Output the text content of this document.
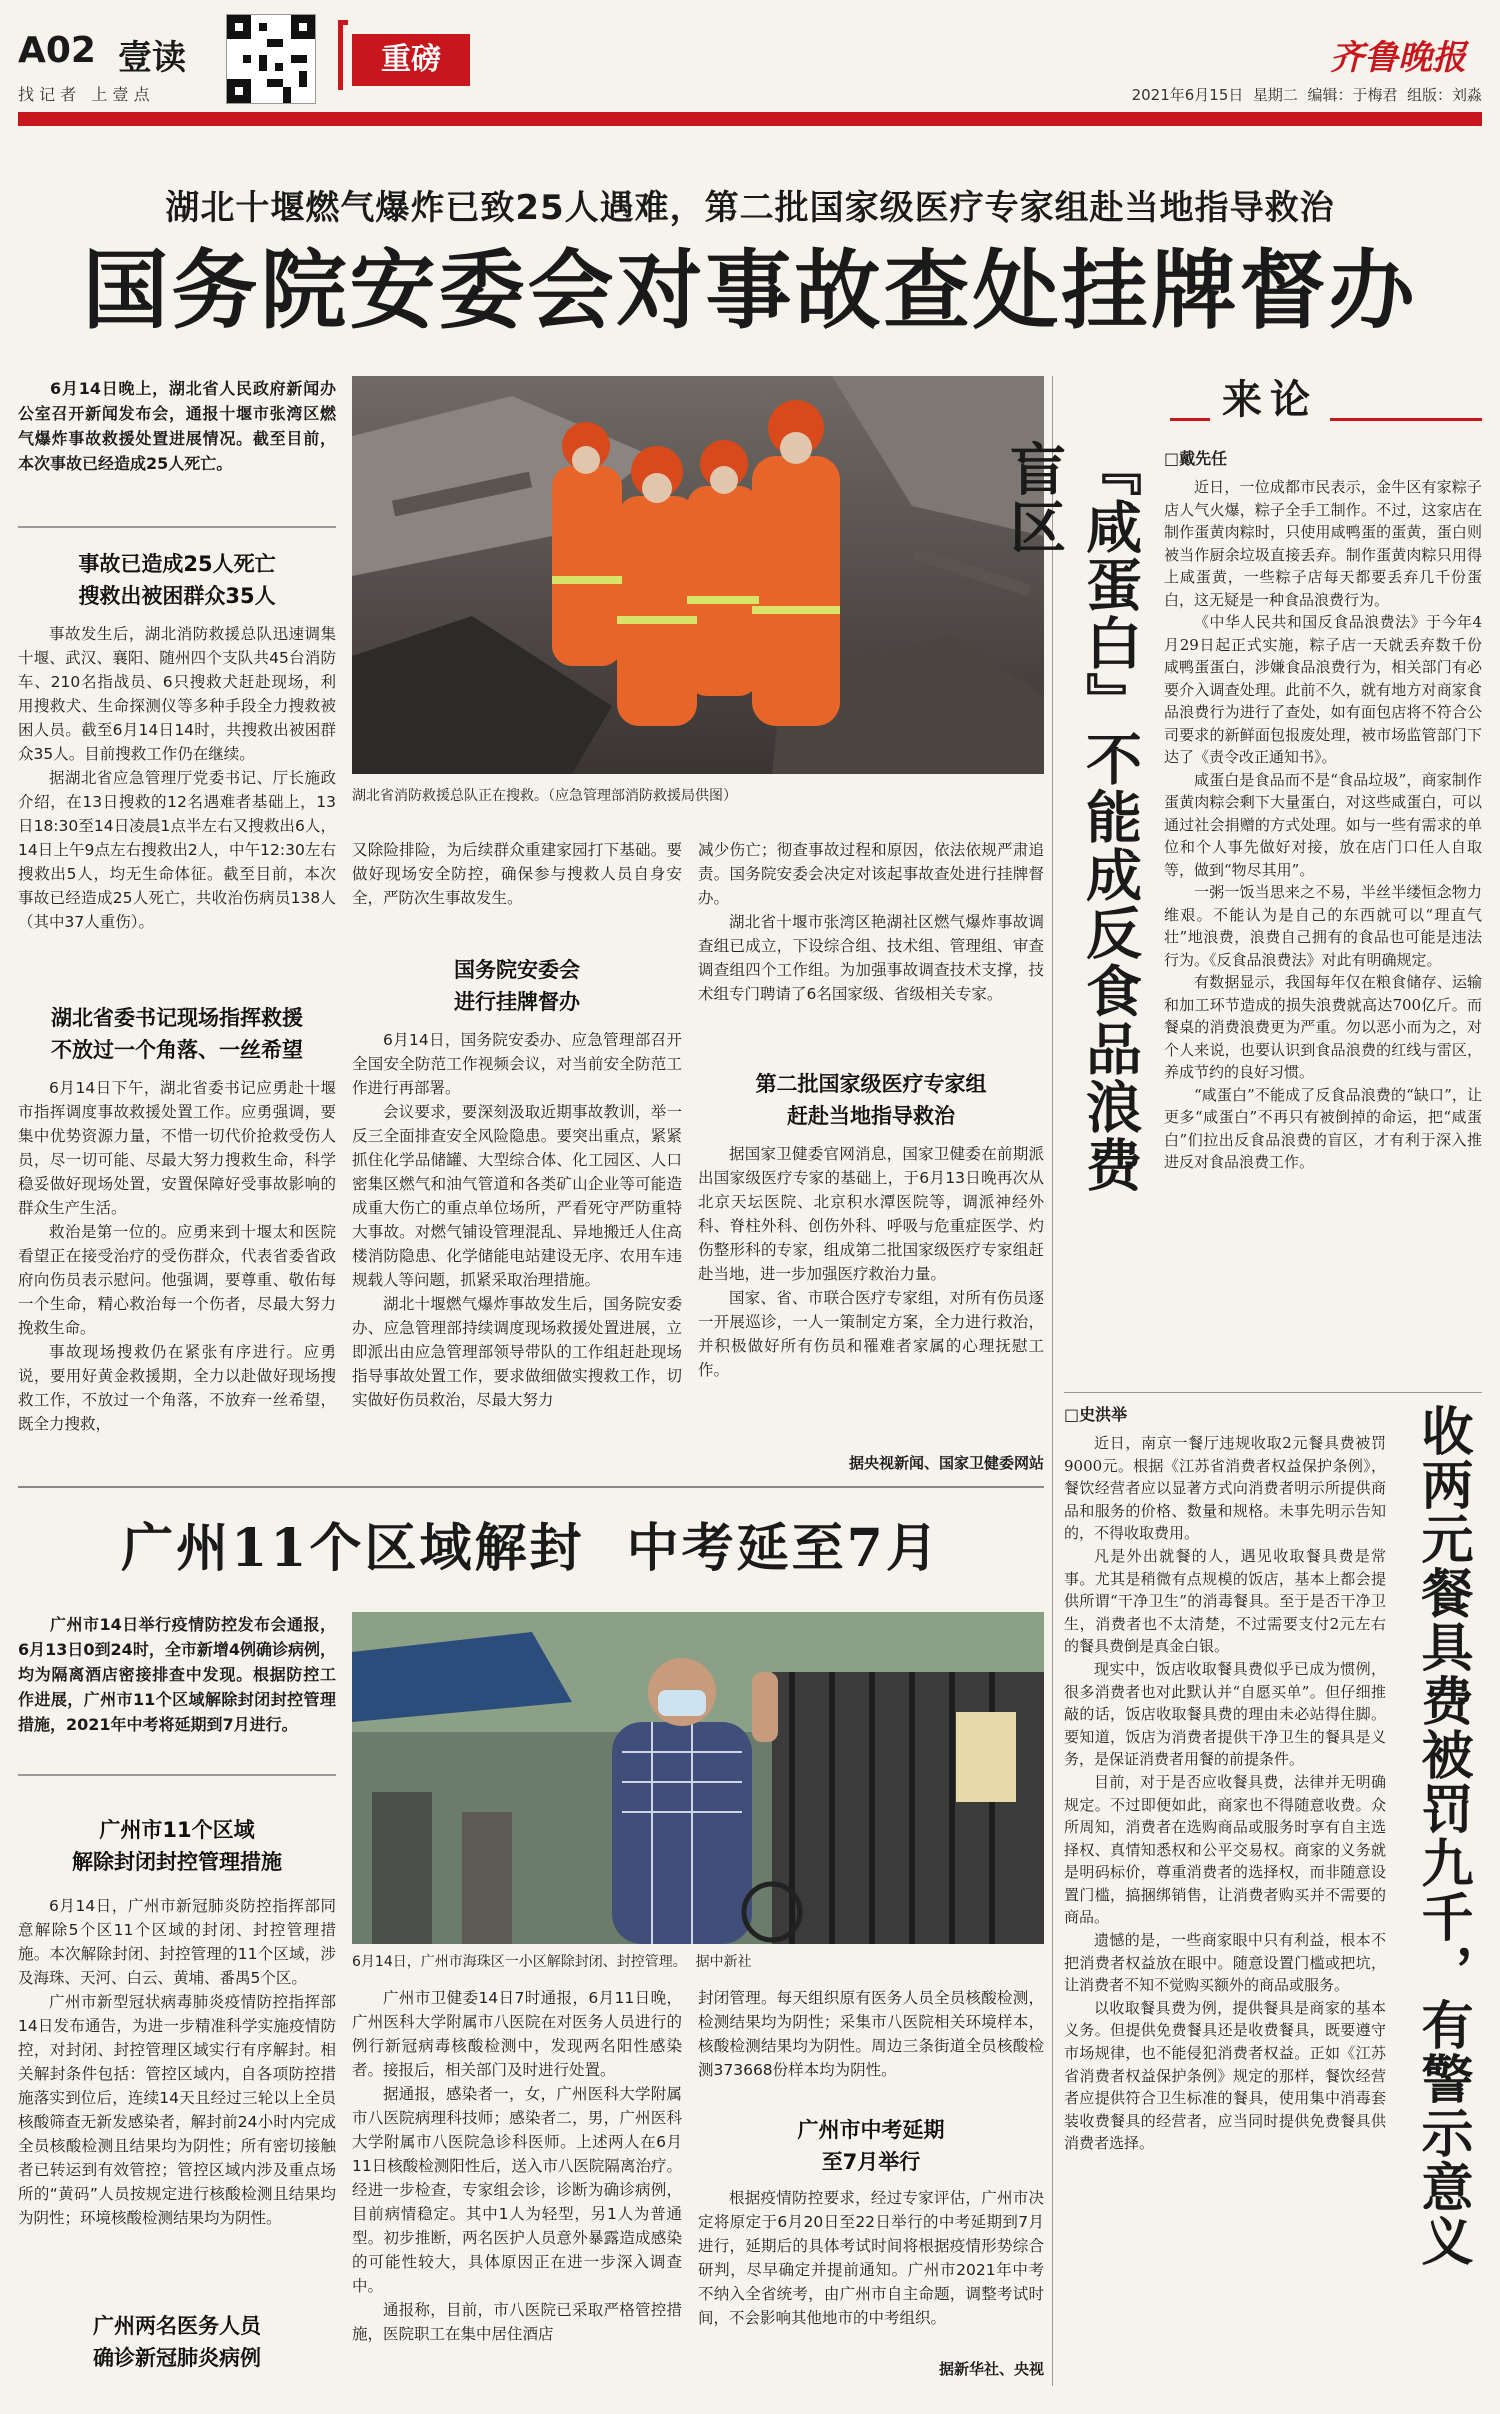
A02 壹读
找 记 者   上 壹 点
重磅	齐鲁晚报
2021年6月15日  星期二  编辑：于梅君  组版：刘淼
湖北十堰燃气爆炸已致25人遇难，第二批国家级医疗专家组赴当地指导救治
国务院安委会对事故查处挂牌督办

6月14日晚上，湖北省人民政府新闻办公室召开新闻发布会，通报十堰市张湾区燃气爆炸事故救援处置进展情况。截至目前，本次事故已经造成25人死亡。

湖北省消防救援总队正在搜救。（应急管理部消防救援局供图）
事故已造成25人死亡
搜救出被困群众35人

事故发生后，湖北消防救援总队迅速调集十堰、武汉、襄阳、随州四个支队共45台消防车、210名指战员、6只搜救犬赶赴现场，利用搜救犬、生命探测仪等多种手段全力搜救被困人员。截至6月14日14时，共搜救出被困群众35人。目前搜救工作仍在继续。

据湖北省应急管理厅党委书记、厅长施政介绍，在13日搜救的12名遇难者基础上，13日18:30至14日凌晨1点半左右又搜救出6人，14日上午9点左右搜救出2人，中午12:30左右搜救出5人，均无生命体征。截至目前，本次事故已经造成25人死亡，共收治伤病员138人（其中37人重伤）。

湖北省委书记现场指挥救援
不放过一个角落、一丝希望

6月14日下午，湖北省委书记应勇赴十堰市指挥调度事故救援处置工作。应勇强调，要集中优势资源力量，不惜一切代价抢救受伤人员，尽一切可能、尽最大努力搜救生命，科学稳妥做好现场处置，安置保障好受事故影响的群众生产生活。

救治是第一位的。应勇来到十堰太和医院看望正在接受治疗的受伤群众，代表省委省政府向伤员表示慰问。他强调，要尊重、敬佑每一个生命，精心救治每一个伤者，尽最大努力挽救生命。

事故现场搜救仍在紧张有序进行。应勇说，要用好黄金救援期，全力以赴做好现场搜救工作，不放过一个角落，不放弃一丝希望，既全力搜救，

又除险排险，为后续群众重建家园打下基础。要做好现场安全防控，确保参与搜救人员自身安全，严防次生事故发生。

国务院安委会
进行挂牌督办

6月14日，国务院安委办、应急管理部召开全国安全防范工作视频会议，对当前安全防范工作进行再部署。

会议要求，要深刻汲取近期事故教训，举一反三全面排查安全风险隐患。要突出重点，紧紧抓住化学品储罐、大型综合体、化工园区、人口密集区燃气和油气管道和各类矿山企业等可能造成重大伤亡的重点单位场所，严看死守严防重特大事故。对燃气铺设管理混乱、异地搬迁人住高楼消防隐患、化学储能电站建设无序、农用车违规载人等问题，抓紧采取治理措施。

湖北十堰燃气爆炸事故发生后，国务院安委办、应急管理部持续调度现场救援处置进展，立即派出由应急管理部领导带队的工作组赶赴现场指导事故处置工作，要求做细做实搜救工作，切实做好伤员救治，尽最大努力

减少伤亡；彻查事故过程和原因，依法依规严肃追责。国务院安委会决定对该起事故查处进行挂牌督办。

湖北省十堰市张湾区艳湖社区燃气爆炸事故调查组已成立，下设综合组、技术组、管理组、审查调查组四个工作组。为加强事故调查技术支撑，技术组专门聘请了6名国家级、省级相关专家。

第二批国家级医疗专家组
赶赴当地指导救治

据国家卫健委官网消息，国家卫健委在前期派出国家级医疗专家的基础上，于6月13日晚再次从北京天坛医院、北京积水潭医院等，调派神经外科、脊柱外科、创伤外科、呼吸与危重症医学、灼伤整形科的专家，组成第二批国家级医疗专家组赶赴当地，进一步加强医疗救治力量。

国家、省、市联合医疗专家组，对所有伤员逐一开展巡诊，一人一策制定方案，全力进行救治，并积极做好所有伤员和罹难者家属的心理抚慰工作。

据央视新闻、国家卫健委网站
来论
『咸蛋白』不能成反食品浪费盲区	□戴先任

近日，一位成都市民表示，金牛区有家粽子店人气火爆，粽子全手工制作。不过，这家店在制作蛋黄肉粽时，只使用咸鸭蛋的蛋黄，蛋白则被当作厨余垃圾直接丢弃。制作蛋黄肉粽只用得上咸蛋黄，一些粽子店每天都要丢弃几千份蛋白，这无疑是一种食品浪费行为。

《中华人民共和国反食品浪费法》于今年4月29日起正式实施，粽子店一天就丢弃数千份咸鸭蛋蛋白，涉嫌食品浪费行为，相关部门有必要介入调查处理。此前不久，就有地方对商家食品浪费行为进行了查处，如有面包店将不符合公司要求的新鲜面包报废处理，被市场监管部门下达了《责令改正通知书》。

咸蛋白是食品而不是“食品垃圾”，商家制作蛋黄肉粽会剩下大量蛋白，对这些咸蛋白，可以通过社会捐赠的方式处理。如与一些有需求的单位和个人事先做好对接，放在店门口任人自取等，做到“物尽其用”。

一粥一饭当思来之不易，半丝半缕恒念物力维艰。不能认为是自己的东西就可以“理直气壮”地浪费，浪费自己拥有的食品也可能是违法行为。《反食品浪费法》对此有明确规定。

有数据显示，我国每年仅在粮食储存、运输和加工环节造成的损失浪费就高达700亿斤。而餐桌的消费浪费更为严重。勿以恶小而为之，对个人来说，也要认识到食品浪费的红线与雷区，养成节约的良好习惯。

“咸蛋白”不能成了反食品浪费的“缺口”，让更多“咸蛋白”不再只有被倒掉的命运，把“咸蛋白”们拉出反食品浪费的盲区，才有利于深入推进反对食品浪费工作。

□史洪举

近日，南京一餐厅违规收取2元餐具费被罚9000元。根据《江苏省消费者权益保护条例》，餐饮经营者应以显著方式向消费者明示所提供商品和服务的价格、数量和规格。未事先明示告知的，不得收取费用。

凡是外出就餐的人，遇见收取餐具费是常事。尤其是稍微有点规模的饭店，基本上都会提供所谓“干净卫生”的消毒餐具。至于是否干净卫生，消费者也不太清楚，不过需要支付2元左右的餐具费倒是真金白银。

现实中，饭店收取餐具费似乎已成为惯例，很多消费者也对此默认并“自愿买单”。但仔细推敲的话，饭店收取餐具费的理由未必站得住脚。要知道，饭店为消费者提供干净卫生的餐具是义务，是保证消费者用餐的前提条件。

目前，对于是否应收餐具费，法律并无明确规定。不过即便如此，商家也不得随意收费。众所周知，消费者在选购商品或服务时享有自主选择权、真情知悉权和公平交易权。商家的义务就是明码标价，尊重消费者的选择权，而非随意设置门槛，搞捆绑销售，让消费者购买并不需要的商品。

遗憾的是，一些商家眼中只有利益，根本不把消费者权益放在眼中。随意设置门槛或把坑，让消费者不知不觉购买额外的商品或服务。

以收取餐具费为例，提供餐具是商家的基本义务。但提供免费餐具还是收费餐具，既要遵守市场规律，也不能侵犯消费者权益。正如《江苏省消费者权益保护条例》规定的那样，餐饮经营者应提供符合卫生标准的餐具，使用集中消毒套装收费餐具的经营者，应当同时提供免费餐具供消费者选择。	收两元餐具费被罚九千，有警示意义
广州11个区域解封  中考延至7月

广州市14日举行疫情防控发布会通报，6月13日0到24时，全市新增4例确诊病例，均为隔离酒店密接排查中发现。根据防控工作进展，广州市11个区域解除封闭封控管理措施，2021年中考将延期到7月进行。

6月14日，广州市海珠区一小区解除封闭、封控管理。  据中新社
广州市11个区域
解除封闭封控管理措施

6月14日，广州市新冠肺炎防控指挥部同意解除5个区11个区域的封闭、封控管理措施。本次解除封闭、封控管理的11个区域，涉及海珠、天河、白云、黄埔、番禺5个区。

广州市新型冠状病毒肺炎疫情防控指挥部14日发布通告，为进一步精准科学实施疫情防控，对封闭、封控管理区域实行有序解封。相关解封条件包括：管控区域内，自各项防控措施落实到位后，连续14天且经过三轮以上全员核酸筛查无新发感染者，解封前24小时内完成全员核酸检测且结果均为阴性；所有密切接触者已转运到有效管控；管控区域内涉及重点场所的“黄码”人员按规定进行核酸检测且结果均为阴性；环境核酸检测结果均为阴性。

广州两名医务人员
确诊新冠肺炎病例

广州市卫健委14日7时通报，6月11日晚，广州医科大学附属市八医院在对医务人员进行的例行新冠病毒核酸检测中，发现两名阳性感染者。接报后，相关部门及时进行处置。

据通报，感染者一，女，广州医科大学附属市八医院病理科技师；感染者二，男，广州医科大学附属市八医院急诊科医师。上述两人在6月11日核酸检测阳性后，送入市八医院隔离治疗。经进一步检查，专家组会诊，诊断为确诊病例，目前病情稳定。其中1人为轻型，另1人为普通型。初步推断，两名医护人员意外暴露造成感染的可能性较大，具体原因正在进一步深入调查中。

通报称，目前，市八医院已采取严格管控措施，医院职工在集中居住酒店

封闭管理。每天组织原有医务人员全员核酸检测，检测结果均为阴性；采集市八医院相关环境样本，核酸检测结果均为阴性。周边三条街道全员核酸检测373668份样本均为阴性。

广州市中考延期
至7月举行

根据疫情防控要求，经过专家评估，广州市决定将原定于6月20日至22日举行的中考延期到7月进行，延期后的具体考试时间将根据疫情形势综合研判，尽早确定并提前通知。广州市2021年中考不纳入全省统考，由广州市自主命题，调整考试时间，不会影响其他地市的中考组织。

据新华社、央视
